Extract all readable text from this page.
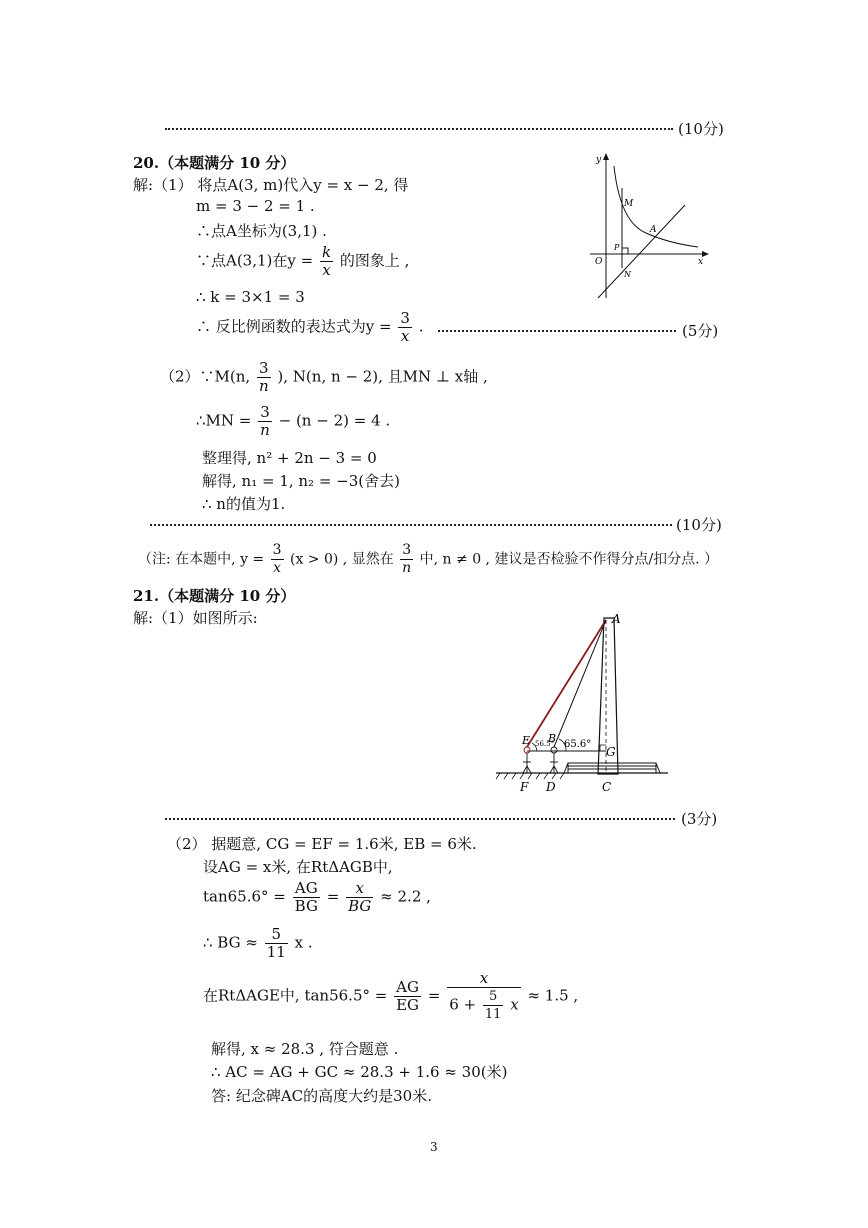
(10分)
20.（本题满分 10 分）
解:（1） 将点A(3, m)代入y = x − 2, 得
m = 3 − 2 = 1 .
∴点A坐标为(3,1) .
∵点A(3,1)在$y = \frac{k}{x}$ 的图象上 ,
∴ k = 3×1 = 3
∴ 反比例函数的表达式为$y = \frac{3}{x}$ .	(5分)
y
x
O
M
A
P
N
（2）∵M(n, $\frac{3}{n}$ ), N(n, n − 2), 且MN ⊥ x轴 ,
∴MN = $\frac{3}{n} - (n - 2) = 4$ .
整理得, n² + 2n − 3 = 0
解得, n₁ = 1, n₂ = −3(舍去)
∴ n的值为1.
(10分)
（注: 在本题中, $y = \frac{3}{x} (x > 0)$ , 显然在 $\frac{3}{n}$ 中, n ≠ 0 , 建议是否检验不作得分点/扣分点. ）
21.（本题满分 10 分）
解:（1）如图所示:	A
E B
G
56.5° 65.6°
F D	C
(3分)
（2） 据题意, CG = EF = 1.6米, EB = 6米.
设AG = x米, 在RtΔAGB中,
$\tan 65.6^\circ = \frac{AG}{BG} = \frac{x}{BG} \approx 2.2$ ,
∴ BG ≈ $\frac{5}{11}$ x .
在RtΔAGE中, $\tan 56.5^\circ = \frac{AG}{EG} = \frac{x}{6 + \frac{5}{11} x} \approx 1.5$ ,
解得, x ≈ 28.3 , 符合题意 .
∴ AC = AG + GC ≈ 28.3 + 1.6 ≈ 30(米)
答: 纪念碑AC的高度大约是30米.
3
